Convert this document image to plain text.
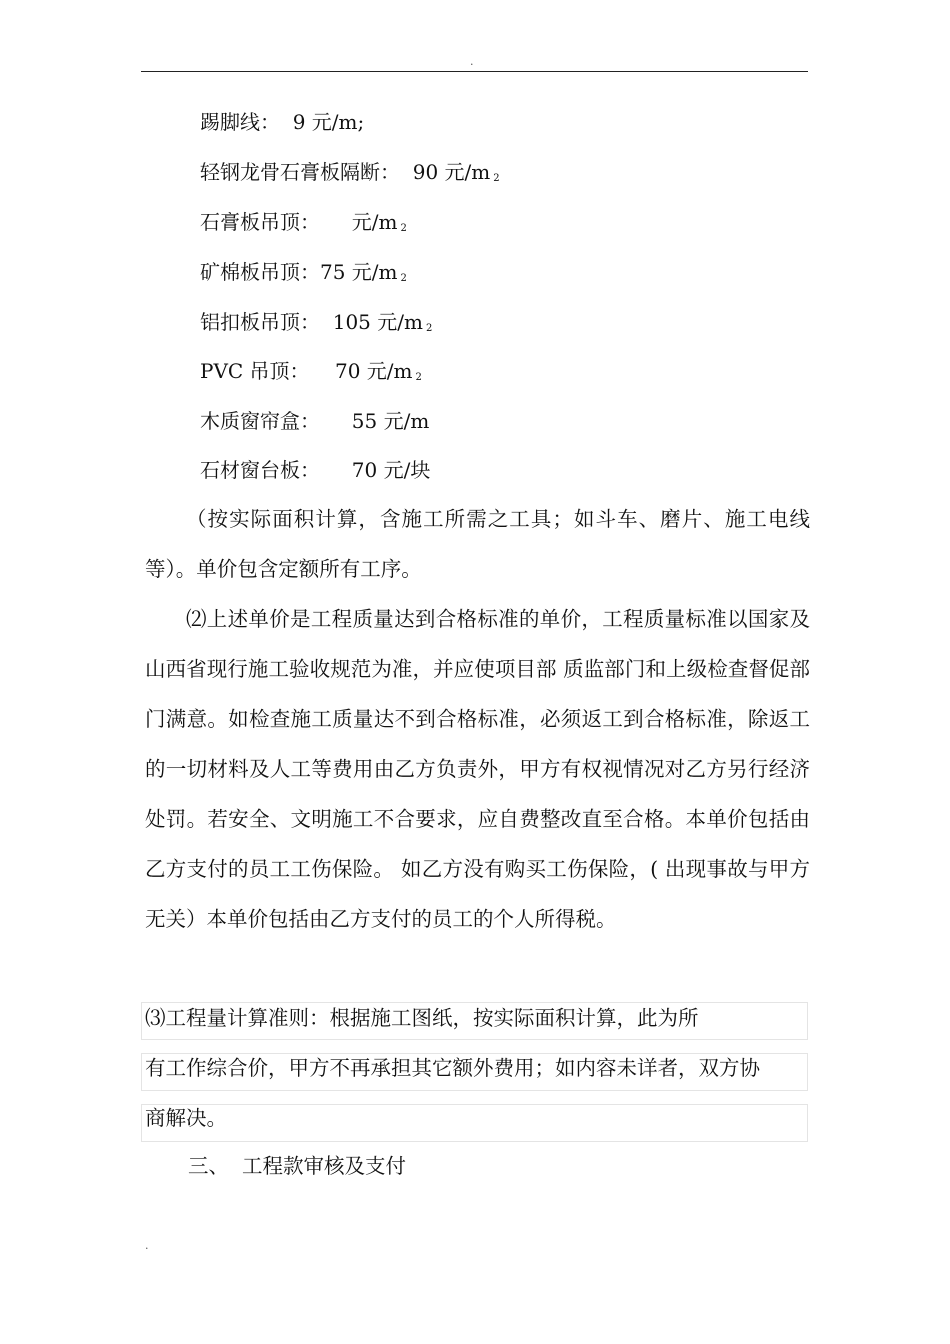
.
踢脚线：  9 元/m;
轻钢龙骨石膏板隔断：  90 元/m $_2$
石膏板吊顶：     元/m $_2$
矿棉板吊顶：75 元/m $_2$
铝扣板吊顶：  105 元/m $_2$
PVC 吊顶：    70 元/m $_2$
木质窗帘盒：     55 元/m
石材窗台板：     70 元/块

（按实际面积计算，含施工所需之工具；如斗车、磨片、施工电线等）。单价包含定额所有工序。

⑵上述单价是工程质量达到合格标准的单价，工程质量标准以国家及山西省现行施工验收规范为准，并应使项目部 质监部门和上级检查督促部门满意。如检查施工质量达不到合格标准，必须返工到合格标准，除返工的一切材料及人工等费用由乙方负责外，甲方有权视情况对乙方另行经济处罚。若安全、文明施工不合要求，应自费整改直至合格。本单价包括由乙方支付的员工工伤保险。 如乙方没有购买工伤保险，( 出现事故与甲方无关）本单价包括由乙方支付的员工的个人所得税。

⑶工程量计算准则：根据施工图纸，按实际面积计算，此为所
有工作综合价，甲方不再承担其它额外费用；如内容未详者，双方协
商解决。
三、  工程款审核及支付
.
